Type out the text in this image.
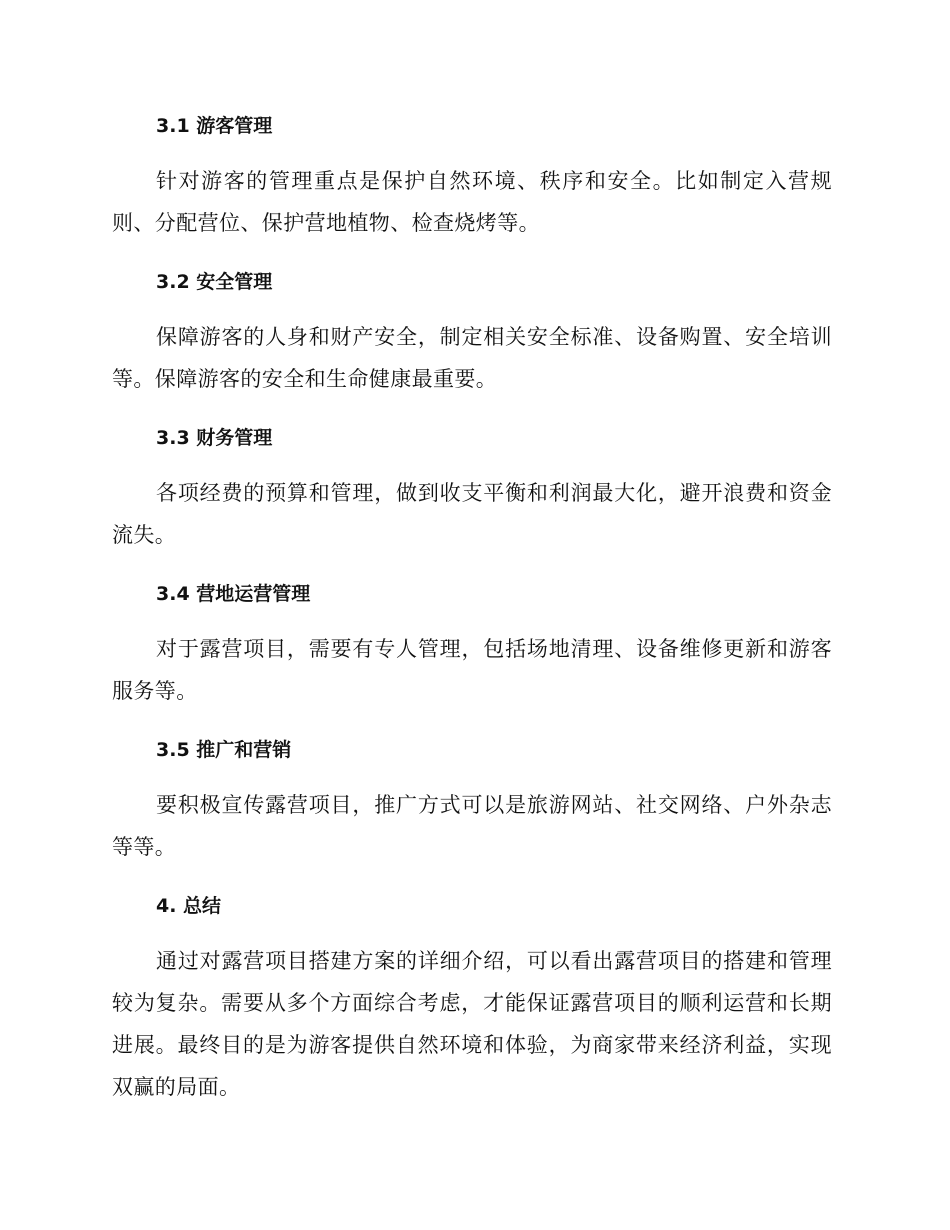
3.1 游客管理

针对游客的管理重点是保护自然环境、秩序和安全。比如制定入营规则、分配营位、保护营地植物、检查烧烤等。

3.2 安全管理

保障游客的人身和财产安全，制定相关安全标准、设备购置、安全培训等。保障游客的安全和生命健康最重要。

3.3 财务管理

各项经费的预算和管理，做到收支平衡和利润最大化，避开浪费和资金流失。

3.4 营地运营管理

对于露营项目，需要有专人管理，包括场地清理、设备维修更新和游客服务等。

3.5 推广和营销

要积极宣传露营项目，推广方式可以是旅游网站、社交网络、户外杂志等等。

4. 总结

通过对露营项目搭建方案的详细介绍，可以看出露营项目的搭建和管理较为复杂。需要从多个方面综合考虑，才能保证露营项目的顺利运营和长期进展。最终目的是为游客提供自然环境和体验，为商家带来经济利益，实现双赢的局面。
